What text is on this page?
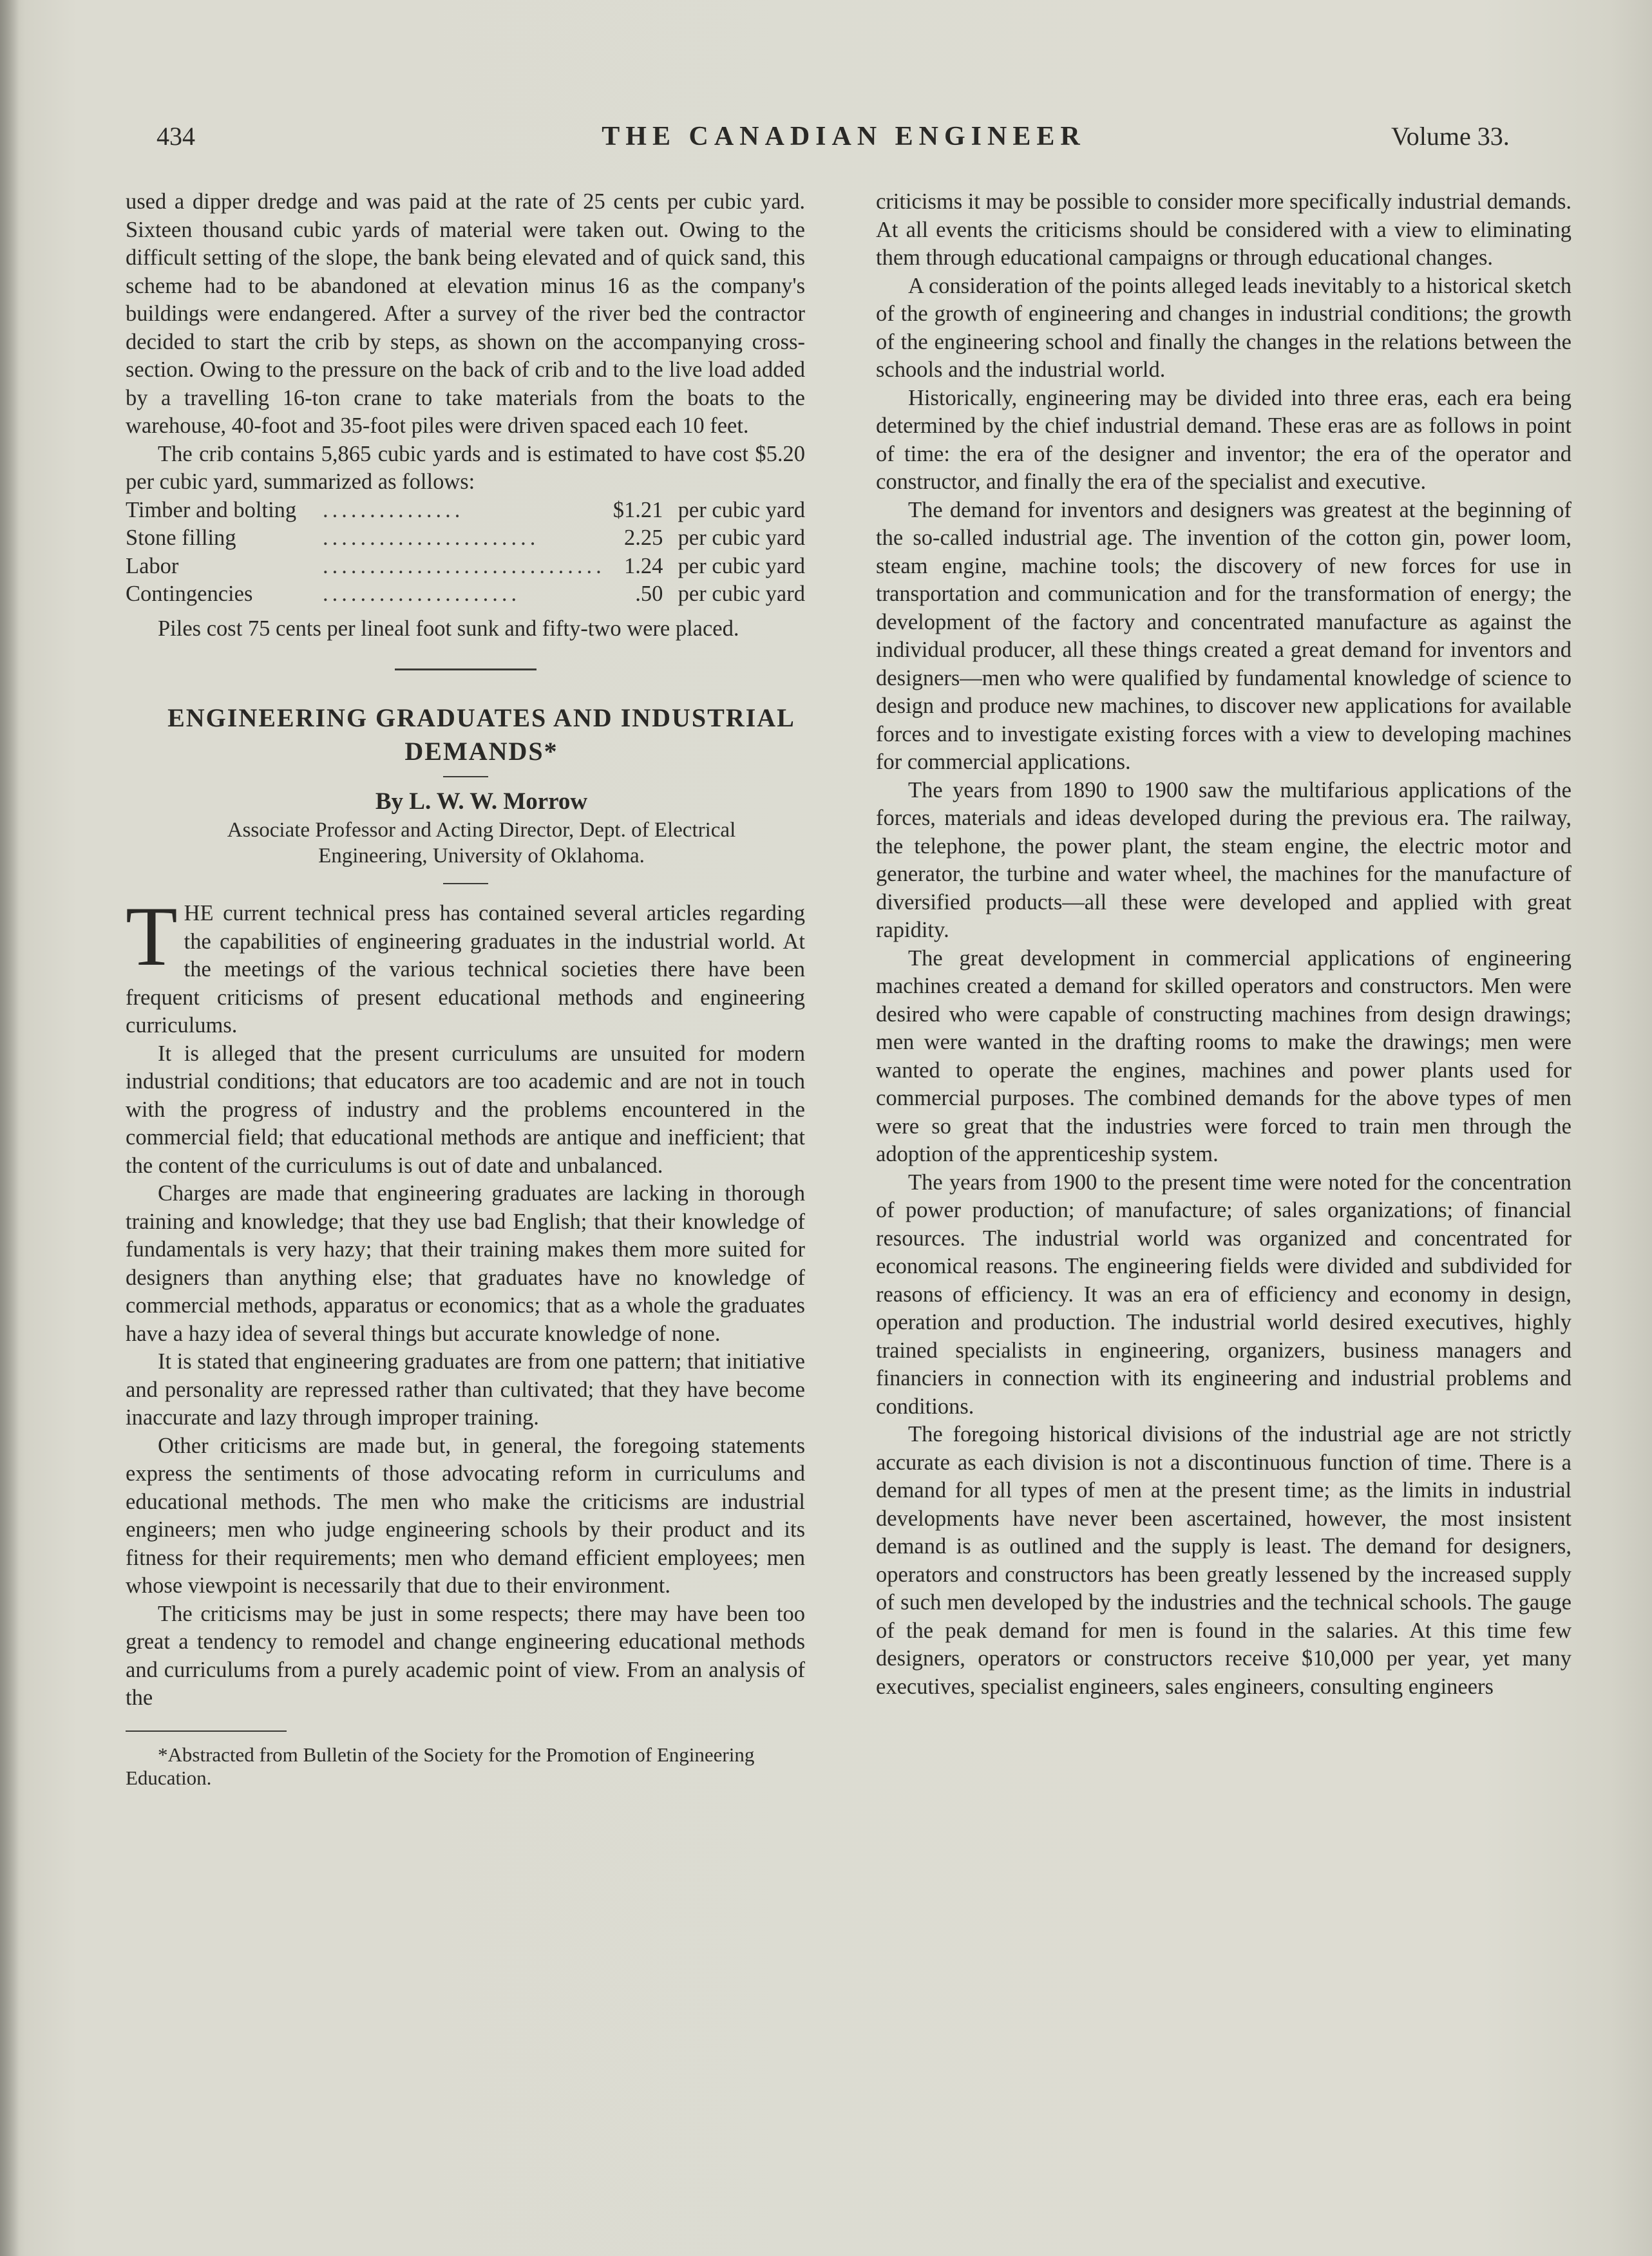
434	THE CANADIAN ENGINEER	Volume 33.

used a dipper dredge and was paid at the rate of 25 cents per cubic yard. Sixteen thousand cubic yards of material were taken out. Owing to the difficult setting of the slope, the bank being elevated and of quick sand, this scheme had to be abandoned at elevation minus 16 as the company's buildings were endangered. After a survey of the river bed the contractor decided to start the crib by steps, as shown on the accompanying cross-section. Owing to the pressure on the back of crib and to the live load added by a travelling 16-ton crane to take materials from the boats to the warehouse, 40-foot and 35-foot piles were driven spaced each 10 feet.

The crib contains 5,865 cubic yards and is estimated to have cost $5.20 per cubic yard, summarized as follows:

Timber and bolting	...............	$1.21	per cubic yard
Stone filling	.......................	2.25	per cubic yard
Labor	..............................	1.24	per cubic yard
Contingencies	.....................	.50	per cubic yard

Piles cost 75 cents per lineal foot sunk and fifty-two were placed.

ENGINEERING GRADUATES AND INDUSTRIAL

DEMANDS*

By L. W. W. Morrow

Associate Professor and Acting Director, Dept. of Electrical

Engineering, University of Oklahoma.

THE current technical press has contained several articles regarding the capabilities of engineering graduates in the industrial world. At the meetings of the various technical societies there have been frequent criticisms of present educational methods and engineering curriculums.

It is alleged that the present curriculums are unsuited for modern industrial conditions; that educators are too academic and are not in touch with the progress of industry and the problems encountered in the commercial field; that educational methods are antique and inefficient; that the content of the curriculums is out of date and unbalanced.

Charges are made that engineering graduates are lacking in thorough training and knowledge; that they use bad English; that their knowledge of fundamentals is very hazy; that their training makes them more suited for designers than anything else; that graduates have no knowledge of commercial methods, apparatus or economics; that as a whole the graduates have a hazy idea of several things but accurate knowledge of none.

It is stated that engineering graduates are from one pattern; that initiative and personality are repressed rather than cultivated; that they have become inaccurate and lazy through improper training.

Other criticisms are made but, in general, the foregoing statements express the sentiments of those advocating reform in curriculums and educational methods. The men who make the criticisms are industrial engineers; men who judge engineering schools by their product and its fitness for their requirements; men who demand efficient employees; men whose viewpoint is necessarily that due to their environment.

The criticisms may be just in some respects; there may have been too great a tendency to remodel and change engineering educational methods and curriculums from a purely academic point of view. From an analysis of the

*Abstracted from Bulletin of the Society for the Promotion of Engineering Education.

criticisms it may be possible to consider more specifically industrial demands. At all events the criticisms should be considered with a view to eliminating them through educational campaigns or through educational changes.

A consideration of the points alleged leads inevitably to a historical sketch of the growth of engineering and changes in industrial conditions; the growth of the engineering school and finally the changes in the relations between the schools and the industrial world.

Historically, engineering may be divided into three eras, each era being determined by the chief industrial demand. These eras are as follows in point of time: the era of the designer and inventor; the era of the operator and constructor, and finally the era of the specialist and executive.

The demand for inventors and designers was greatest at the beginning of the so-called industrial age. The invention of the cotton gin, power loom, steam engine, machine tools; the discovery of new forces for use in transportation and communication and for the transformation of energy; the development of the factory and concentrated manufacture as against the individual producer, all these things created a great demand for inventors and designers—men who were qualified by fundamental knowledge of science to design and produce new machines, to discover new applications for available forces and to investigate existing forces with a view to developing machines for commercial applications.

The years from 1890 to 1900 saw the multifarious applications of the forces, materials and ideas developed during the previous era. The railway, the telephone, the power plant, the steam engine, the electric motor and generator, the turbine and water wheel, the machines for the manufacture of diversified products—all these were developed and applied with great rapidity.

The great development in commercial applications of engineering machines created a demand for skilled operators and constructors. Men were desired who were capable of constructing machines from design drawings; men were wanted in the drafting rooms to make the drawings; men were wanted to operate the engines, machines and power plants used for commercial purposes. The combined demands for the above types of men were so great that the industries were forced to train men through the adoption of the apprenticeship system.

The years from 1900 to the present time were noted for the concentration of power production; of manufacture; of sales organizations; of financial resources. The industrial world was organized and concentrated for economical reasons. The engineering fields were divided and subdivided for reasons of efficiency. It was an era of efficiency and economy in design, operation and production. The industrial world desired executives, highly trained specialists in engineering, organizers, business managers and financiers in connection with its engineering and industrial problems and conditions.

The foregoing historical divisions of the industrial age are not strictly accurate as each division is not a discontinuous function of time. There is a demand for all types of men at the present time; as the limits in industrial developments have never been ascertained, however, the most insistent demand is as outlined and the supply is least. The demand for designers, operators and constructors has been greatly lessened by the increased supply of such men developed by the industries and the technical schools. The gauge of the peak demand for men is found in the salaries. At this time few designers, operators or constructors receive $10,000 per year, yet many executives, specialist engineers, sales engineers, consulting engineers
